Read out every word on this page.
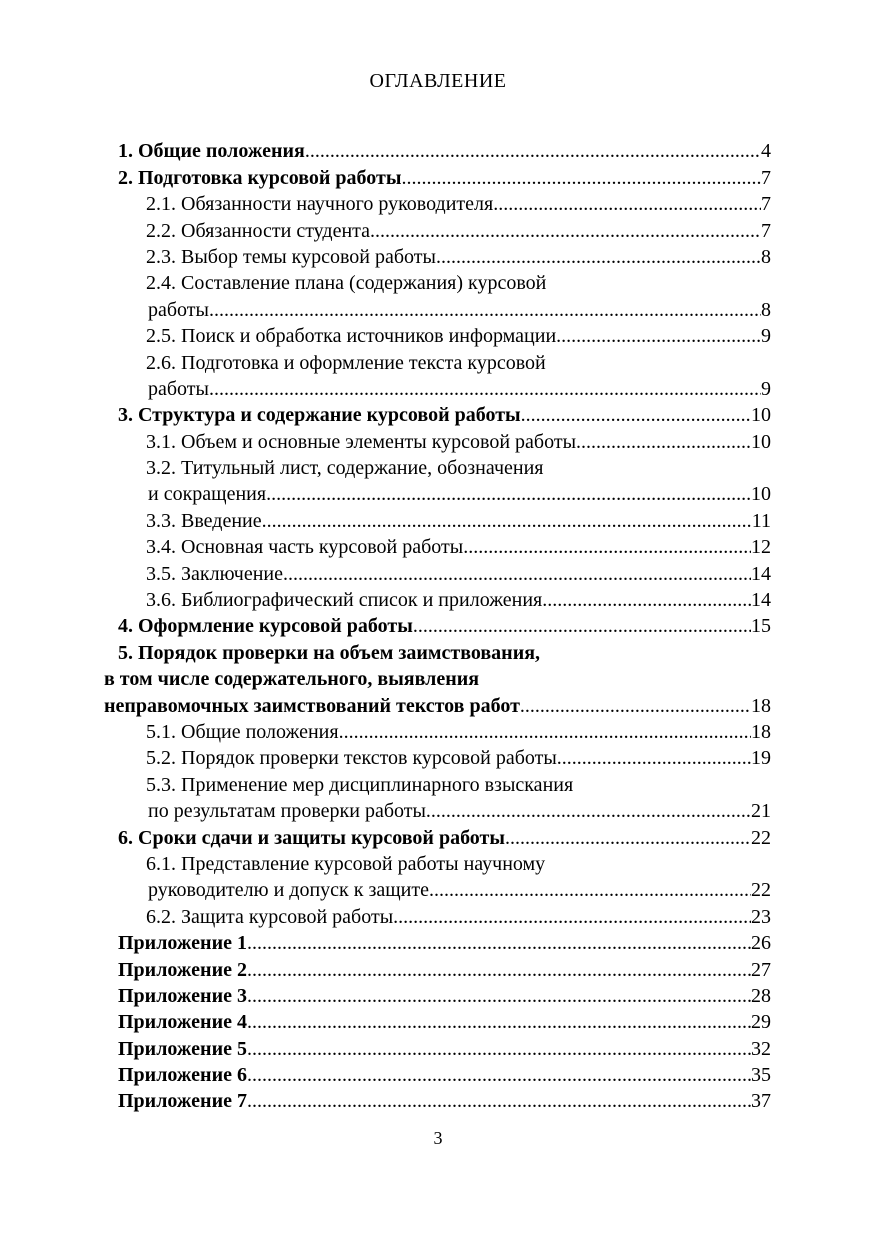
ОГЛАВЛЕНИЕ
1. Общие положения .....	4
2. Подготовка курсовой работы .....	7
2.1. Обязанности научного руководителя .....	7
2.2. Обязанности студента .....	7
2.3. Выбор темы курсовой работы .....	8
2.4. Составление плана (содержания) курсовой
работы .....	8
2.5. Поиск и обработка источников информации .....	9
2.6. Подготовка и оформление текста курсовой
работы. .....	9
3. Структура и содержание курсовой работы .....	10
3.1. Объем и основные элементы курсовой работы .....	10
3.2. Титульный лист, содержание, обозначения
и сокращения .....	10
3.3. Введение .....	11
3.4. Основная часть курсовой работы .....	12
3.5. Заключение .....	14
3.6. Библиографический список и приложения .....	14
4. Оформление курсовой работы .....	15
5. Порядок проверки на объем заимствования,
в том числе содержательного, выявления
неправомочных заимствований текстов работ .....	18
5.1. Общие положения .....	18
5.2. Порядок проверки текстов курсовой работы .....	19
5.3. Применение мер дисциплинарного взыскания
по результатам проверки работы .....	21
6. Сроки сдачи и защиты курсовой работы .....	22
6.1. Представление курсовой работы научному
руководителю и допуск к защите .....	22
6.2. Защита курсовой работы .....	23
Приложение 1 .....	26
Приложение 2 .....	27
Приложение 3 .....	28
Приложение 4 .....	29
Приложение 5 .....	32
Приложение 6 .....	35
Приложение 7 .....	37
3
